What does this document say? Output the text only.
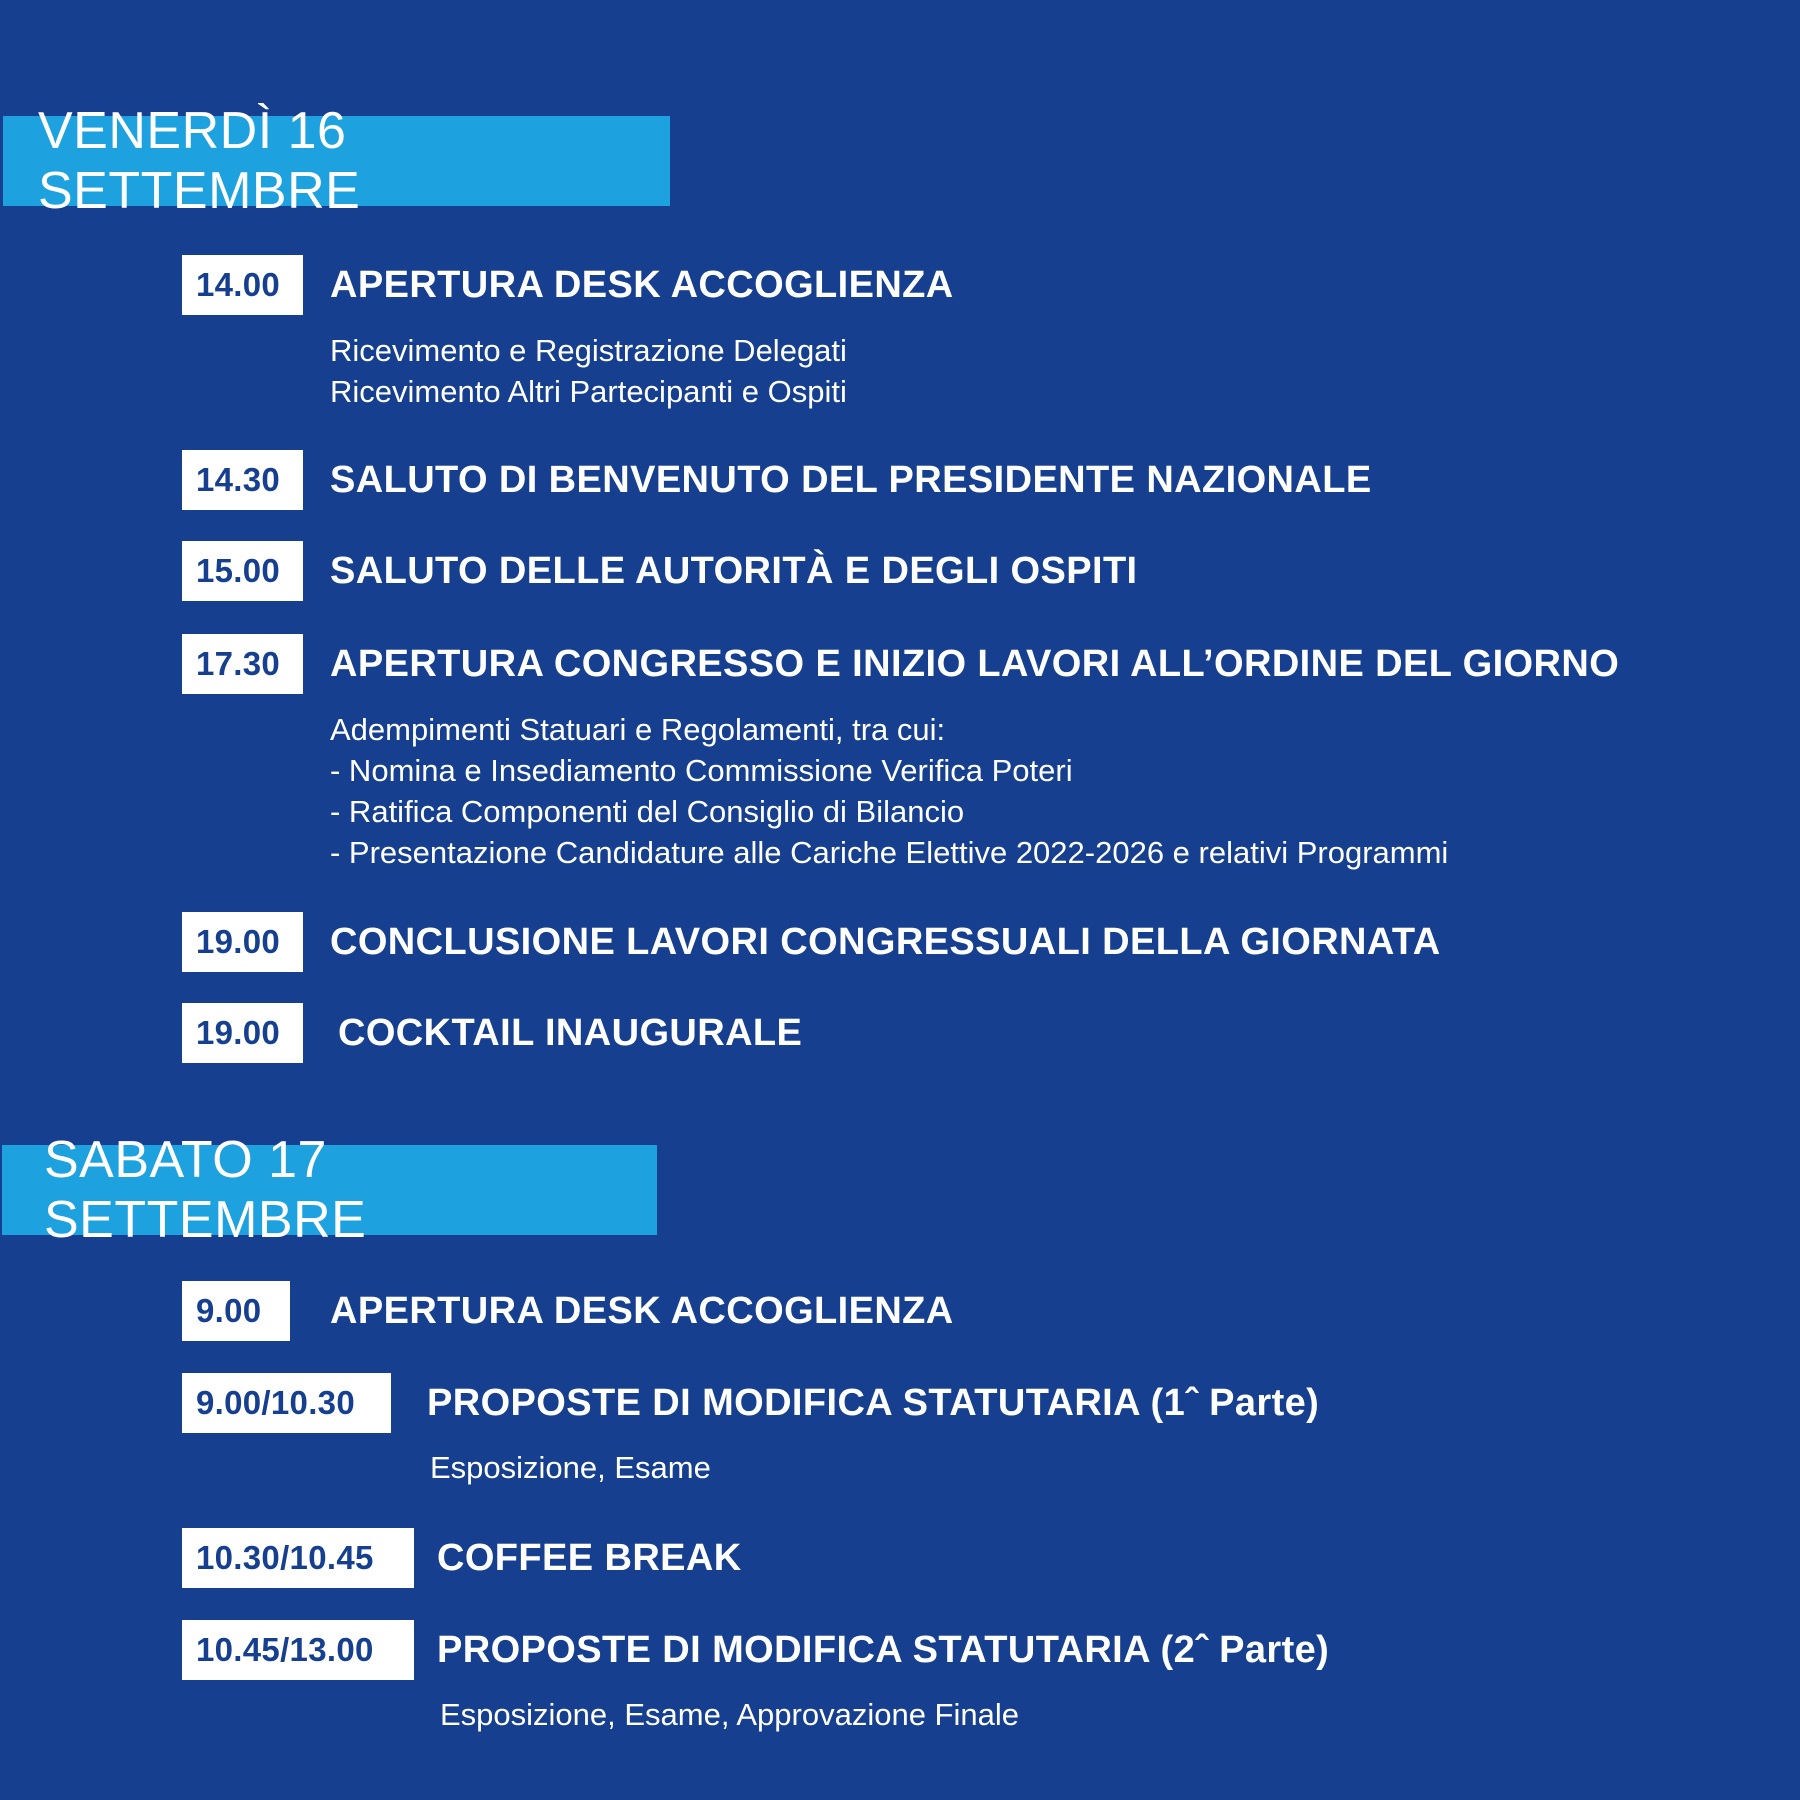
VENERDÌ 16 SETTEMBRE
14.00	APERTURA DESK ACCOGLIENZA
Ricevimento e Registrazione Delegati
Ricevimento Altri Partecipanti e Ospiti
14.30	SALUTO DI BENVENUTO DEL PRESIDENTE NAZIONALE
15.00	SALUTO DELLE AUTORITÀ E DEGLI OSPITI
17.30	APERTURA CONGRESSO E INIZIO LAVORI ALL’ORDINE DEL GIORNO
Adempimenti Statuari e Regolamenti, tra cui:
- Nomina e Insediamento Commissione Verifica Poteri
- Ratifica Componenti del Consiglio di Bilancio
- Presentazione Candidature alle Cariche Elettive 2022-2026 e relativi Programmi
19.00	CONCLUSIONE LAVORI CONGRESSUALI DELLA GIORNATA
19.00	COCKTAIL INAUGURALE
SABATO 17 SETTEMBRE
9.00	APERTURA DESK ACCOGLIENZA
9.00/10.30	PROPOSTE DI MODIFICA STATUTARIA (1ˆ Parte)
Esposizione, Esame
10.30/10.45	COFFEE BREAK
10.45/13.00	PROPOSTE DI MODIFICA STATUTARIA (2ˆ Parte)
Esposizione, Esame, Approvazione Finale
